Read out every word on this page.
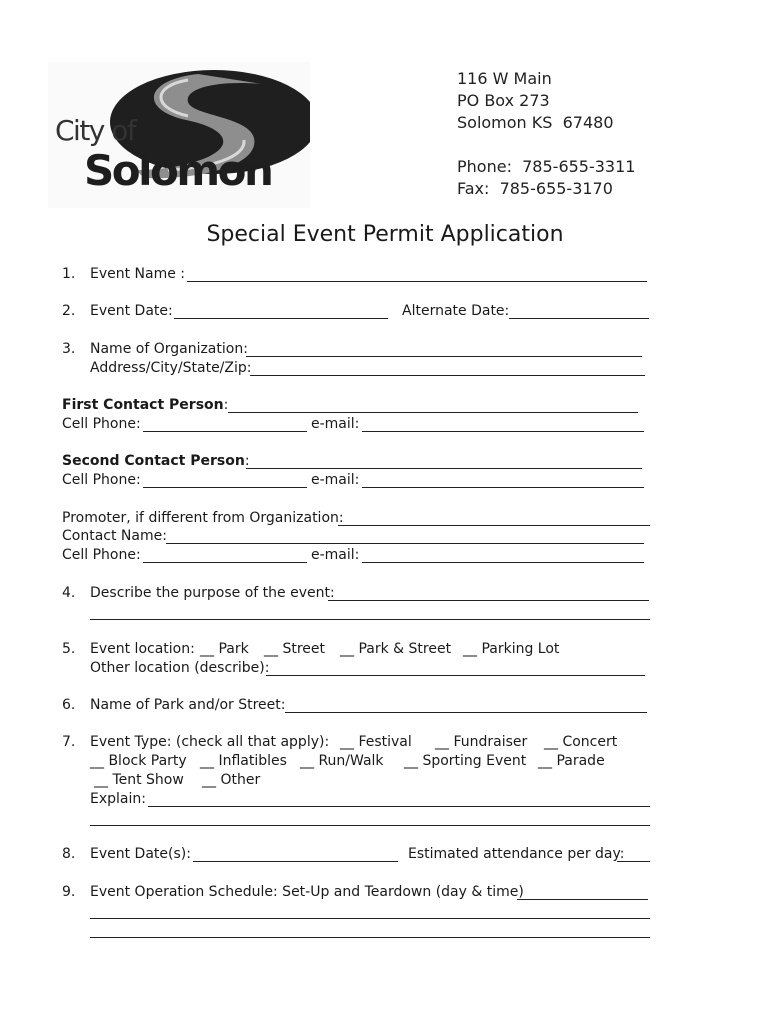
City of
Solomon
116 W Main
PO Box 273
Solomon KS  67480
Phone:  785-655-3311
Fax:  785-655-3170
Special Event Permit Application
1. Event Name :
2. Event Date:	Alternate Date:
3. Name of Organization:
Address/City/State/Zip:
First Contact Person:
Cell Phone:	e-mail:
Second Contact Person:
Cell Phone:	e-mail:
Promoter, if different from Organization:
Contact Name:
Cell Phone:	e-mail:
4. Describe the purpose of the event:
5. Event location: __ Park __ Street __ Park & Street __ Parking Lot
Other location (describe):
6. Name of Park and/or Street:
7. Event Type: (check all that apply): __ Festival __ Fundraiser __ Concert
__ Block Party __ Inflatibles __ Run/Walk __ Sporting Event __ Parade
__ Tent Show __ Other
Explain:
8. Event Date(s):	Estimated attendance per day:
9. Event Operation Schedule: Set-Up and Teardown (day & time)
